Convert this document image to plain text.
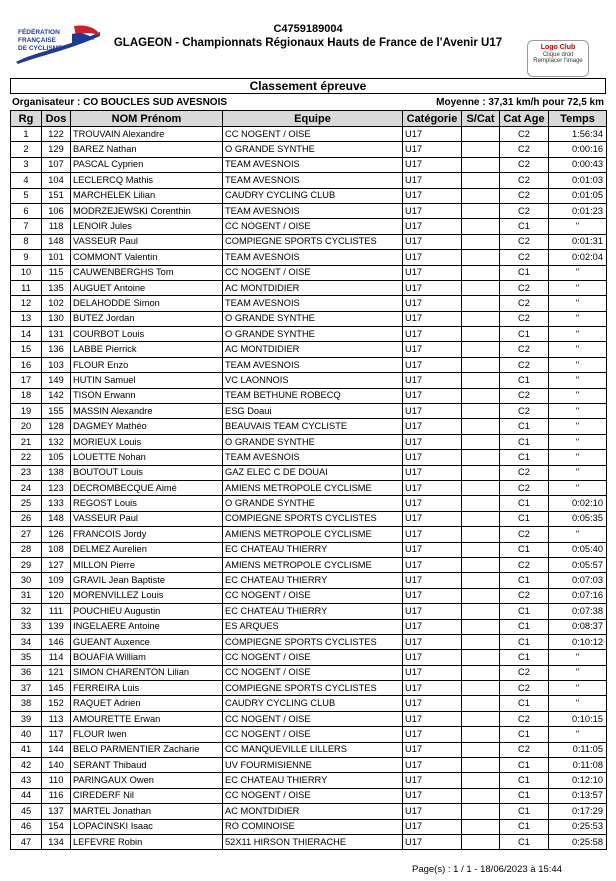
FÉDÉRATION
FRANÇAISE
DE CYCLISME
C4759189004
GLAGEON - Championnats Régionaux Hauts de France de l'Avenir U17	Logo Club
Clique droit
Remplacer l'image
Classement épreuve
Organisateur : CO BOUCLES SUD AVESNOIS	Moyenne : 37,31 km/h pour 72,5 km
Rg	Dos	NOM Prénom	Equipe	Catégorie	S/Cat	Cat Age	Temps
1	122	TROUVAIN Alexandre	CC NOGENT / OISE	U17		C2	1:56:34
2	129	BAREZ Nathan	O GRANDE SYNTHE	U17		C2	0:00:16
3	107	PASCAL Cyprien	TEAM AVESNOIS	U17		C2	0:00:43
4	104	LECLERCQ Mathis	TEAM AVESNOIS	U17		C2	0:01:03
5	151	MARCHELEK Lilian	CAUDRY CYCLING CLUB	U17		C2	0:01:05
6	106	MODRZEJEWSKI Corenthin	TEAM AVESNOIS	U17		C2	0:01:23
7	118	LENOIR Jules	CC NOGENT / OISE	U17		C1	"
8	148	VASSEUR Paul	COMPIEGNE SPORTS CYCLISTES	U17		C2	0:01:31
9	101	COMMONT Valentin	TEAM AVESNOIS	U17		C2	0:02:04
10	115	CAUWENBERGHS Tom	CC NOGENT / OISE	U17		C1	"
11	135	AUGUET Antoine	AC MONTDIDIER	U17		C2	"
12	102	DELAHODDE Simon	TEAM AVESNOIS	U17		C2	"
13	130	BUTEZ Jordan	O GRANDE SYNTHE	U17		C2	"
14	131	COURBOT Louis	O GRANDE SYNTHE	U17		C1	"
15	136	LABBE Pierrick	AC MONTDIDIER	U17		C2	"
16	103	FLOUR Enzo	TEAM AVESNOIS	U17		C2	"
17	149	HUTIN Samuel	VC LAONNOIS	U17		C1	"
18	142	TISON Erwann	TEAM BETHUNE ROBECQ	U17		C2	"
19	155	MASSIN Alexandre	ESG Doaui	U17		C2	"
20	128	DAGMEY Mathéo	BEAUVAIS TEAM CYCLISTE	U17		C1	"
21	132	MORIEUX Louis	O GRANDE SYNTHE	U17		C1	"
22	105	LOUETTE Nohan	TEAM AVESNOIS	U17		C1	"
23	138	BOUTOUT Louis	GAZ ELEC C DE DOUAI	U17		C2	"
24	123	DECROMBECQUE Aimé	AMIENS METROPOLE CYCLISME	U17		C2	"
25	133	REGOST Louis	O GRANDE SYNTHE	U17		C1	0:02:10
26	148	VASSEUR Paul	COMPIEGNE SPORTS CYCLISTES	U17		C1	0:05:35
27	126	FRANCOIS Jordy	AMIENS METROPOLE CYCLISME	U17		C2	"
28	108	DELMEZ Aurelien	EC CHATEAU THIERRY	U17		C1	0:05:40
29	127	MILLON Pierre	AMIENS METROPOLE CYCLISME	U17		C2	0:05:57
30	109	GRAVIL Jean Baptiste	EC CHATEAU THIERRY	U17		C1	0:07:03
31	120	MORENVILLEZ Louis	CC NOGENT / OISE	U17		C2	0:07:16
32	111	POUCHIEU Augustin	EC CHATEAU THIERRY	U17		C1	0:07:38
33	139	INGELAERE Antoine	ES ARQUES	U17		C1	0:08:37
34	146	GUEANT Auxence	COMPIEGNE SPORTS CYCLISTES	U17		C1	0:10:12
35	114	BOUAFIA William	CC NOGENT / OISE	U17		C1	"
36	121	SIMON CHARENTON Lilian	CC NOGENT / OISE	U17		C2	"
37	145	FERREIRA Luis	COMPIEGNE SPORTS CYCLISTES	U17		C2	"
38	152	RAQUET Adrien	CAUDRY CYCLING CLUB	U17		C1	"
39	113	AMOURETTE Erwan	CC NOGENT / OISE	U17		C2	0:10:15
40	117	FLOUR Iwen	CC NOGENT / OISE	U17		C1	"
41	144	BELO PARMENTIER Zacharie	CC MANQUEVILLE LILLERS	U17		C2	0:11:05
42	140	SERANT Thibaud	UV FOURMISIENNE	U17		C1	0:11:08
43	110	PARINGAUX Owen	EC CHATEAU THIERRY	U17		C1	0:12:10
44	116	CIREDERF Nil	CC NOGENT / OISE	U17		C1	0:13:57
45	137	MARTEL Jonathan	AC MONTDIDIER	U17		C1	0:17:29
46	154	LOPACINSKI Isaac	RO COMINOISE	U17		C1	0:25:53
47	134	LEFEVRE Robin	52X11 HIRSON THIERACHE	U17		C1	0:25:58
Page(s) : 1 / 1 - 18/06/2023 à 15:44
